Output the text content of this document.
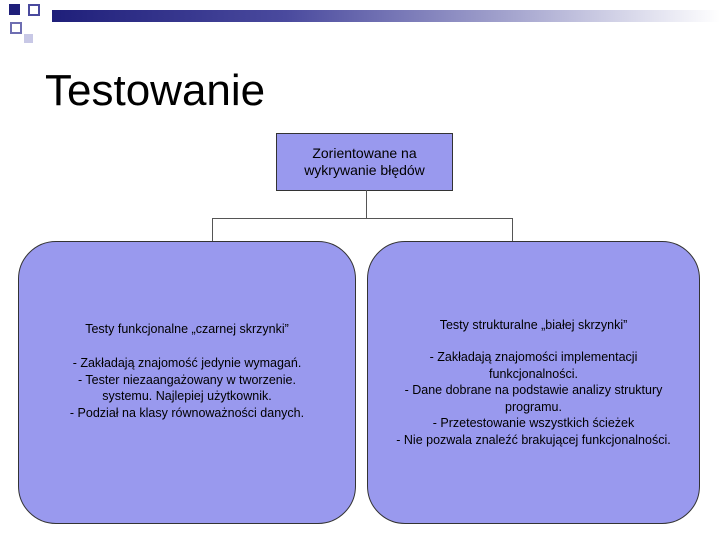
Testowanie
Zorientowane na
wykrywanie błędów
Testy funkcjonalne „czarnej skrzynki”
- Zakładają znajomość jedynie wymagań.
- Tester niezaangażowany w tworzenie.
systemu. Najlepiej użytkownik.
- Podział na klasy równoważności danych.
Testy strukturalne „białej skrzynki”
- Zakładają znajomości implementacji
funkcjonalności.
- Dane dobrane na podstawie analizy struktury
programu.
- Przetestowanie wszystkich ścieżek
- Nie pozwala znaleźć brakującej funkcjonalności.
